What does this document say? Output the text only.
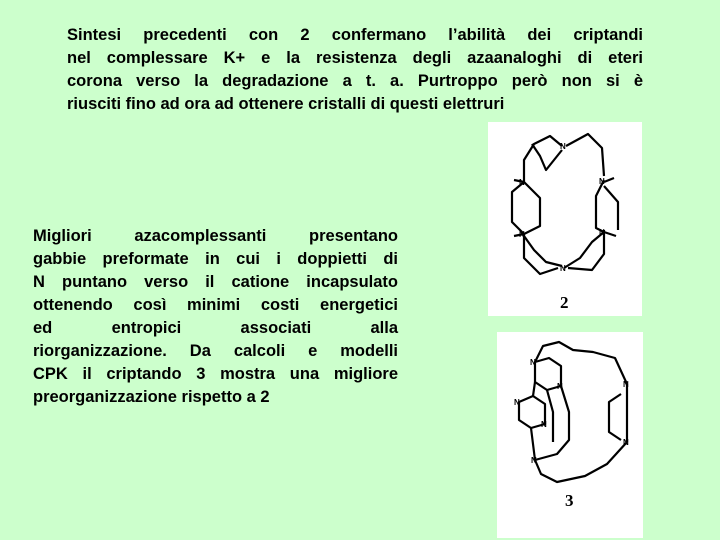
Sintesi precedenti con 2 confermano l’abilità dei criptandi
nel complessare K+ e la resistenza degli azaanaloghi di eteri
corona verso la degradazione a t. a. Purtroppo però non si è
riusciti fino ad ora ad ottenere cristalli di questi elettruri
Migliori azacomplessanti presentano
gabbie preformate in cui i doppietti di
N puntano verso il catione incapsulato
ottenendo così minimi costi energetici
ed entropici associati alla
riorganizzazione. Da calcoli e modelli
CPK il criptando 3 mostra una migliore
preorganizzazione rispetto a 2
N
N
N
N
N
N
2
N
N
N
N
N
N
N
3
